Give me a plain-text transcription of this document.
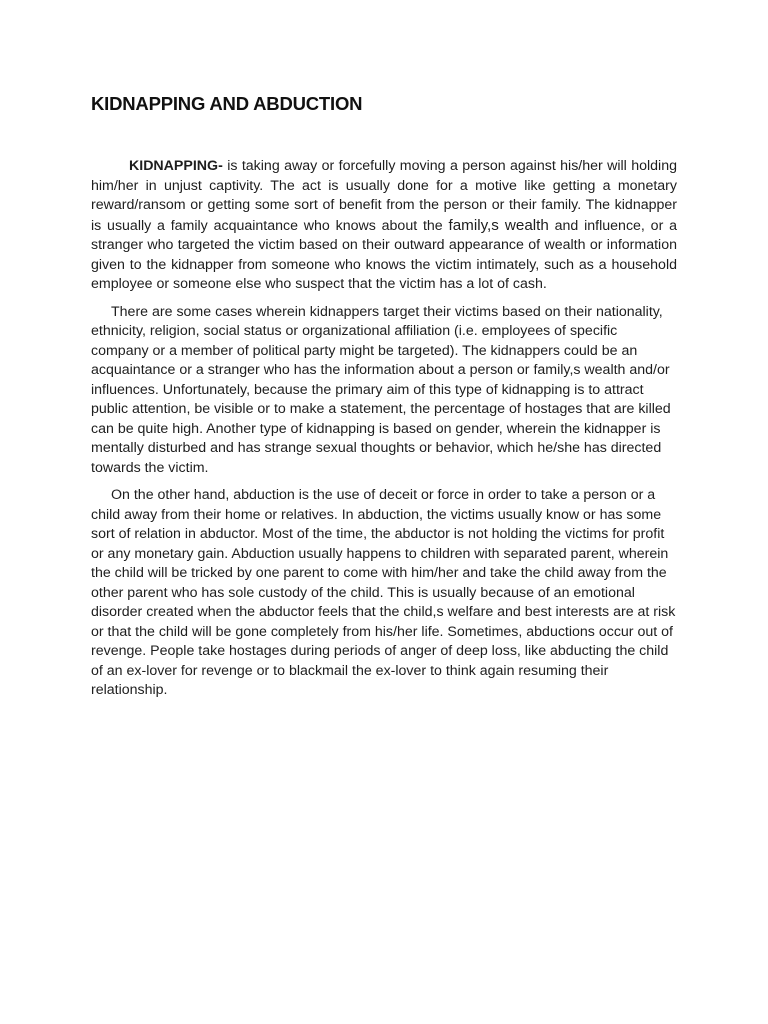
KIDNAPPING AND ABDUCTION

KIDNAPPING- is taking away or forcefully moving a person against his/her will holding him/her in unjust captivity. The act is usually done for a motive like getting a monetary reward/ransom or getting some sort of benefit from the person or their family. The kidnapper is usually a family acquaintance who knows about the family,s wealth and influence, or a stranger who targeted the victim based on their outward appearance of wealth or information given to the kidnapper from someone who knows the victim intimately, such as a household employee or someone else who suspect that the victim has a lot of cash.

There are some cases wherein kidnappers target their victims based on their nationality, ethnicity, religion, social status or organizational affiliation (i.e. employees of specific company or a member of political party might be targeted). The kidnappers could be an acquaintance or a stranger who has the information about a person or family,s wealth and/or influences. Unfortunately, because the primary aim of this type of kidnapping is to attract public attention, be visible or to make a statement, the percentage of hostages that are killed can be quite high. Another type of kidnapping is based on gender, wherein the kidnapper is mentally disturbed and has strange sexual thoughts or behavior, which he/she has directed towards the victim.

On the other hand, abduction is the use of deceit or force in order to take a person or a child away from their home or relatives. In abduction, the victims usually know or has some sort of relation in abductor. Most of the time, the abductor is not holding the victims for profit or any monetary gain. Abduction usually happens to children with separated parent, wherein the child will be tricked by one parent to come with him/her and take the child away from the other parent who has sole custody of the child. This is usually because of an emotional disorder created when the abductor feels that the child,s welfare and best interests are at risk or that the child will be gone completely from his/her life. Sometimes, abductions occur out of revenge. People take hostages during periods of anger of deep loss, like abducting the child of an ex-lover for revenge or to blackmail the ex-lover to think again resuming their relationship.
